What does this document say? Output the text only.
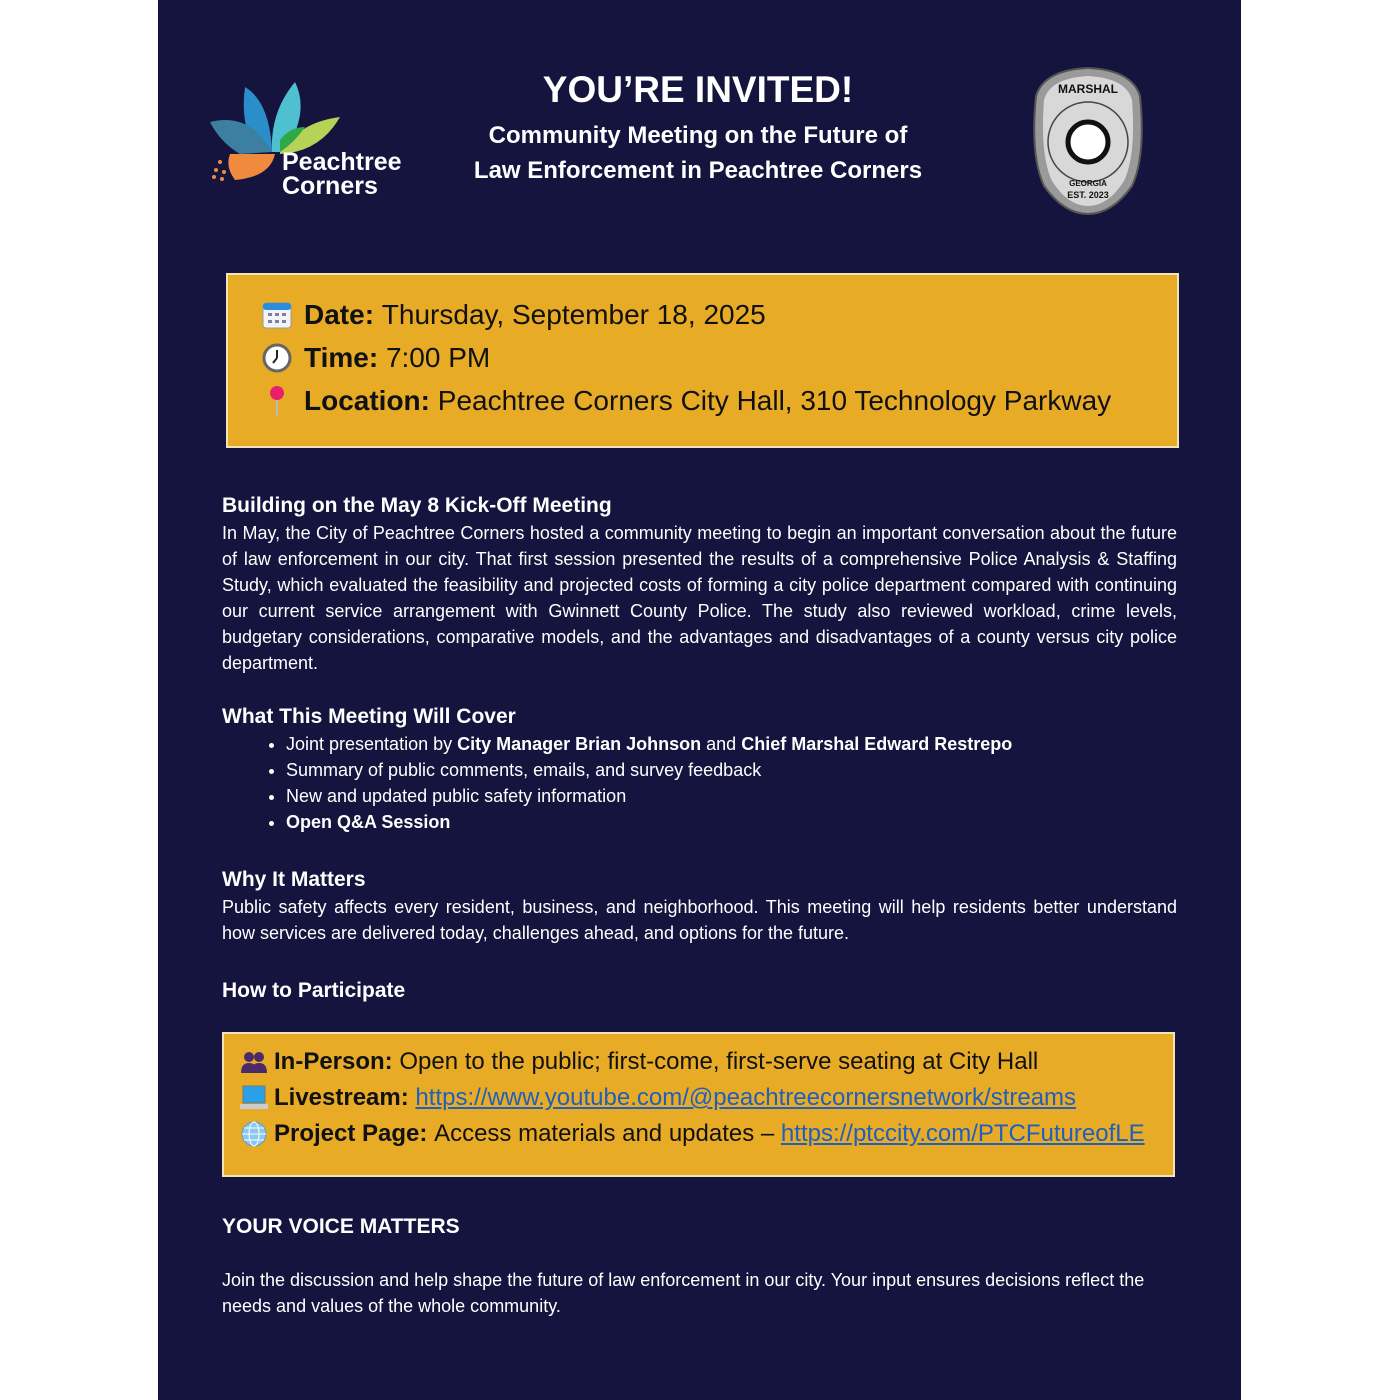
Peachtree
Corners
YOU’RE INVITED!
Community Meeting on the Future of
Law Enforcement in Peachtree Corners
MARSHAL
GEORGIA
EST. 2023
Date:
Thursday, September 18, 2025
Time:
7:00 PM
Location:
Peachtree Corners City Hall, 310 Technology Parkway
Building on the May 8 Kick-Off Meeting

In May, the City of Peachtree Corners hosted a community meeting to begin an important conversation about the future of law enforcement in our city. That first session presented the results of a comprehensive Police Analysis & Staffing Study, which evaluated the feasibility and projected costs of forming a city police department compared with continuing our current service arrangement with Gwinnett County Police. The study also reviewed workload, crime levels, budgetary considerations, comparative models, and the advantages and disadvantages of a county versus city police department.

What This Meeting Will Cover
• Joint presentation by City Manager Brian Johnson and Chief Marshal Edward Restrepo
• Summary of public comments, emails, and survey feedback
• New and updated public safety information
• Open Q&A Session
Why It Matters

Public safety affects every resident, business, and neighborhood. This meeting will help residents better understand how services are delivered today, challenges ahead, and options for the future.

How to Participate
In-Person:
Open to the public; first-come, first-serve seating at City Hall
Livestream:
https://www.youtube.com/@peachtreecornersnetwork/streams
Project Page:
Access materials and updates – https://ptccity.com/PTCFutureofLE
YOUR VOICE MATTERS

Join the discussion and help shape the future of law enforcement in our city. Your input ensures decisions reflect the needs and values of the whole community.
